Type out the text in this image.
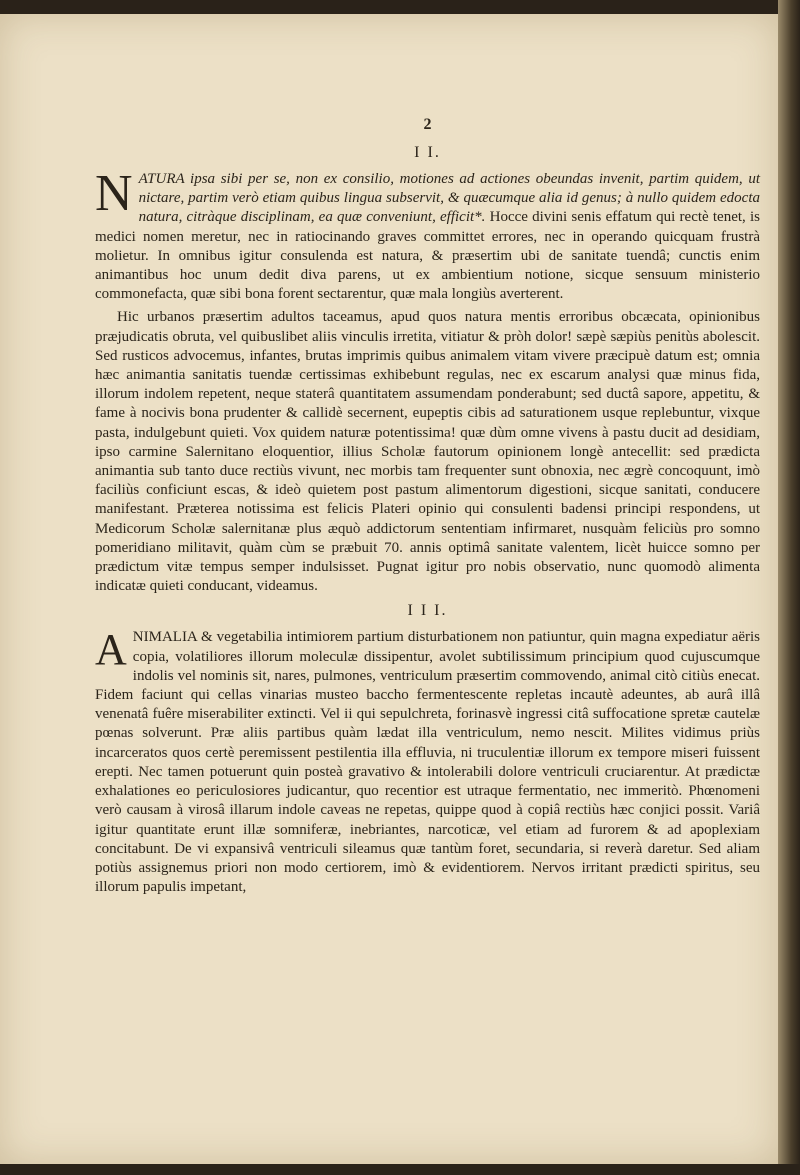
2
I I.

NATURA ipsa sibi per se, non ex consilio, motiones ad actiones obeundas invenit, partim quidem, ut nictare, partim verò etiam quibus lingua subservit, & quæcumque alia id genus; à nullo quidem edocta natura, citràque disciplinam, ea quæ conveniunt, efficit*. Hocce divini senis effatum qui rectè tenet, is medici nomen meretur, nec in ratiocinando graves committet errores, nec in operando quicquam frustrà molietur. In omnibus igitur consulenda est natura, & præsertim ubi de sanitate tuendâ; cunctis enim animantibus hoc unum dedit diva parens, ut ex ambientium notione, sicque sensuum ministerio commonefacta, quæ sibi bona forent sectarentur, quæ mala longiùs averterent.

Hic urbanos præsertim adultos taceamus, apud quos natura mentis erroribus obcæcata, opinionibus præjudicatis obruta, vel quibuslibet aliis vinculis irretita, vitiatur & pròh dolor! sæpè sæpiùs penitùs abolescit. Sed rusticos advocemus, infantes, brutas imprimis quibus animalem vitam vivere præcipuè datum est; omnia hæc animantia sanitatis tuendæ certissimas exhibebunt regulas, nec ex escarum analysi quæ minus fida, illorum indolem repetent, neque staterâ quantitatem assumendam ponderabunt; sed ductâ sapore, appetitu, & fame à nocivis bona prudenter & callidè secernent, eupeptis cibis ad saturationem usque replebuntur, vixque pasta, indulgebunt quieti. Vox quidem naturæ potentissima! quæ dùm omne vivens à pastu ducit ad desidiam, ipso carmine Salernitano eloquentior, illius Scholæ fautorum opinionem longè antecellit: sed prædicta animantia sub tanto duce rectiùs vivunt, nec morbis tam frequenter sunt obnoxia, nec ægrè concoquunt, imò faciliùs conficiunt escas, & ideò quietem post pastum alimentorum digestioni, sicque sanitati, conducere manifestant. Præterea notissima est felicis Plateri opinio qui consulenti badensi principi respondens, ut Medicorum Scholæ salernitanæ plus æquò addictorum sententiam infirmaret, nusquàm feliciùs pro somno pomeridiano militavit, quàm cùm se præbuit 70. annis optimâ sanitate valentem, licèt huicce somno per prædictum vitæ tempus semper indulsisset. Pugnat igitur pro nobis observatio, nunc quomodò alimenta indicatæ quieti conducant, videamus.

I I I.

ANIMALIA & vegetabilia intimiorem partium disturbationem non patiuntur, quin magna expediatur aëris copia, volatiliores illorum moleculæ dissipentur, avolet subtilissimum principium quod cujuscumque indolis vel nominis sit, nares, pulmones, ventriculum præsertim commovendo, animal citò citiùs enecat. Fidem faciunt qui cellas vinarias musteo baccho fermentescente repletas incautè adeuntes, ab aurâ illâ venenatâ fuêre miserabiliter extincti. Vel ii qui sepulchreta, forinasvè ingressi citâ suffocatione spretæ cautelæ pœnas solverunt. Præ aliis partibus quàm lædat illa ventriculum, nemo nescit. Milites vidimus priùs incarceratos quos certè peremissent pestilentia illa effluvia, ni truculentiæ illorum ex tempore miseri fuissent erepti. Nec tamen potuerunt quin posteà gravativo & intolerabili dolore ventriculi cruciarentur. At prædictæ exhalationes eo periculosiores judicantur, quo recentior est utraque fermentatio, nec immeritò. Phœnomeni verò causam à virosâ illarum indole caveas ne repetas, quippe quod à copiâ rectiùs hæc conjici possit. Variâ igitur quantitate erunt illæ somniferæ, inebriantes, narcoticæ, vel etiam ad furorem & ad apoplexiam concitabunt. De vi expansivâ ventriculi sileamus quæ tantùm foret, secundaria, si reverà daretur. Sed aliam potiùs assignemus priori non modo certiorem, imò & evidentiorem. Nervos irritant prædicti spiritus, seu illorum papulis impetant,
